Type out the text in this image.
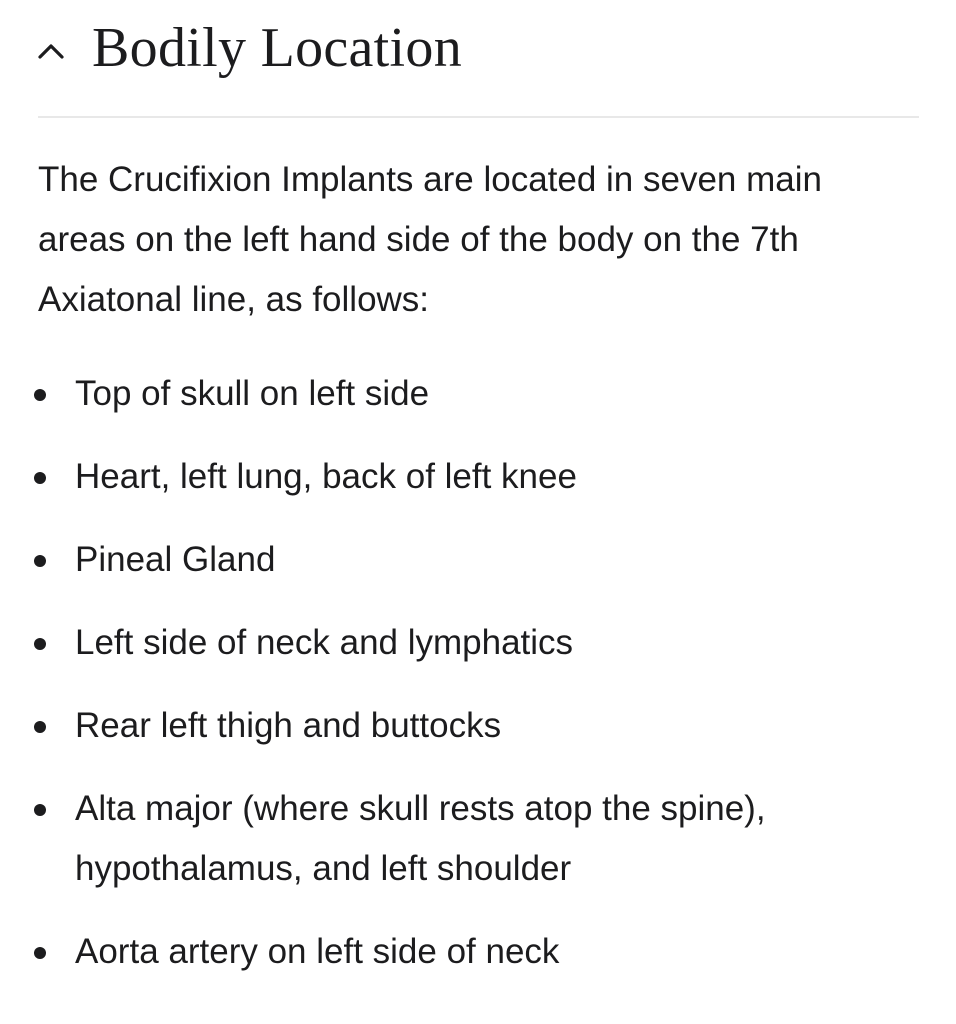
Bodily Location

The Crucifixion Implants are located in seven main areas on the left hand side of the body on the 7th Axiatonal line, as follows:

Top of skull on left side
Heart, left lung, back of left knee
Pineal Gland
Left side of neck and lymphatics
Rear left thigh and buttocks
Alta major (where skull rests atop the spine), hypothalamus, and left shoulder
Aorta artery on left side of neck
